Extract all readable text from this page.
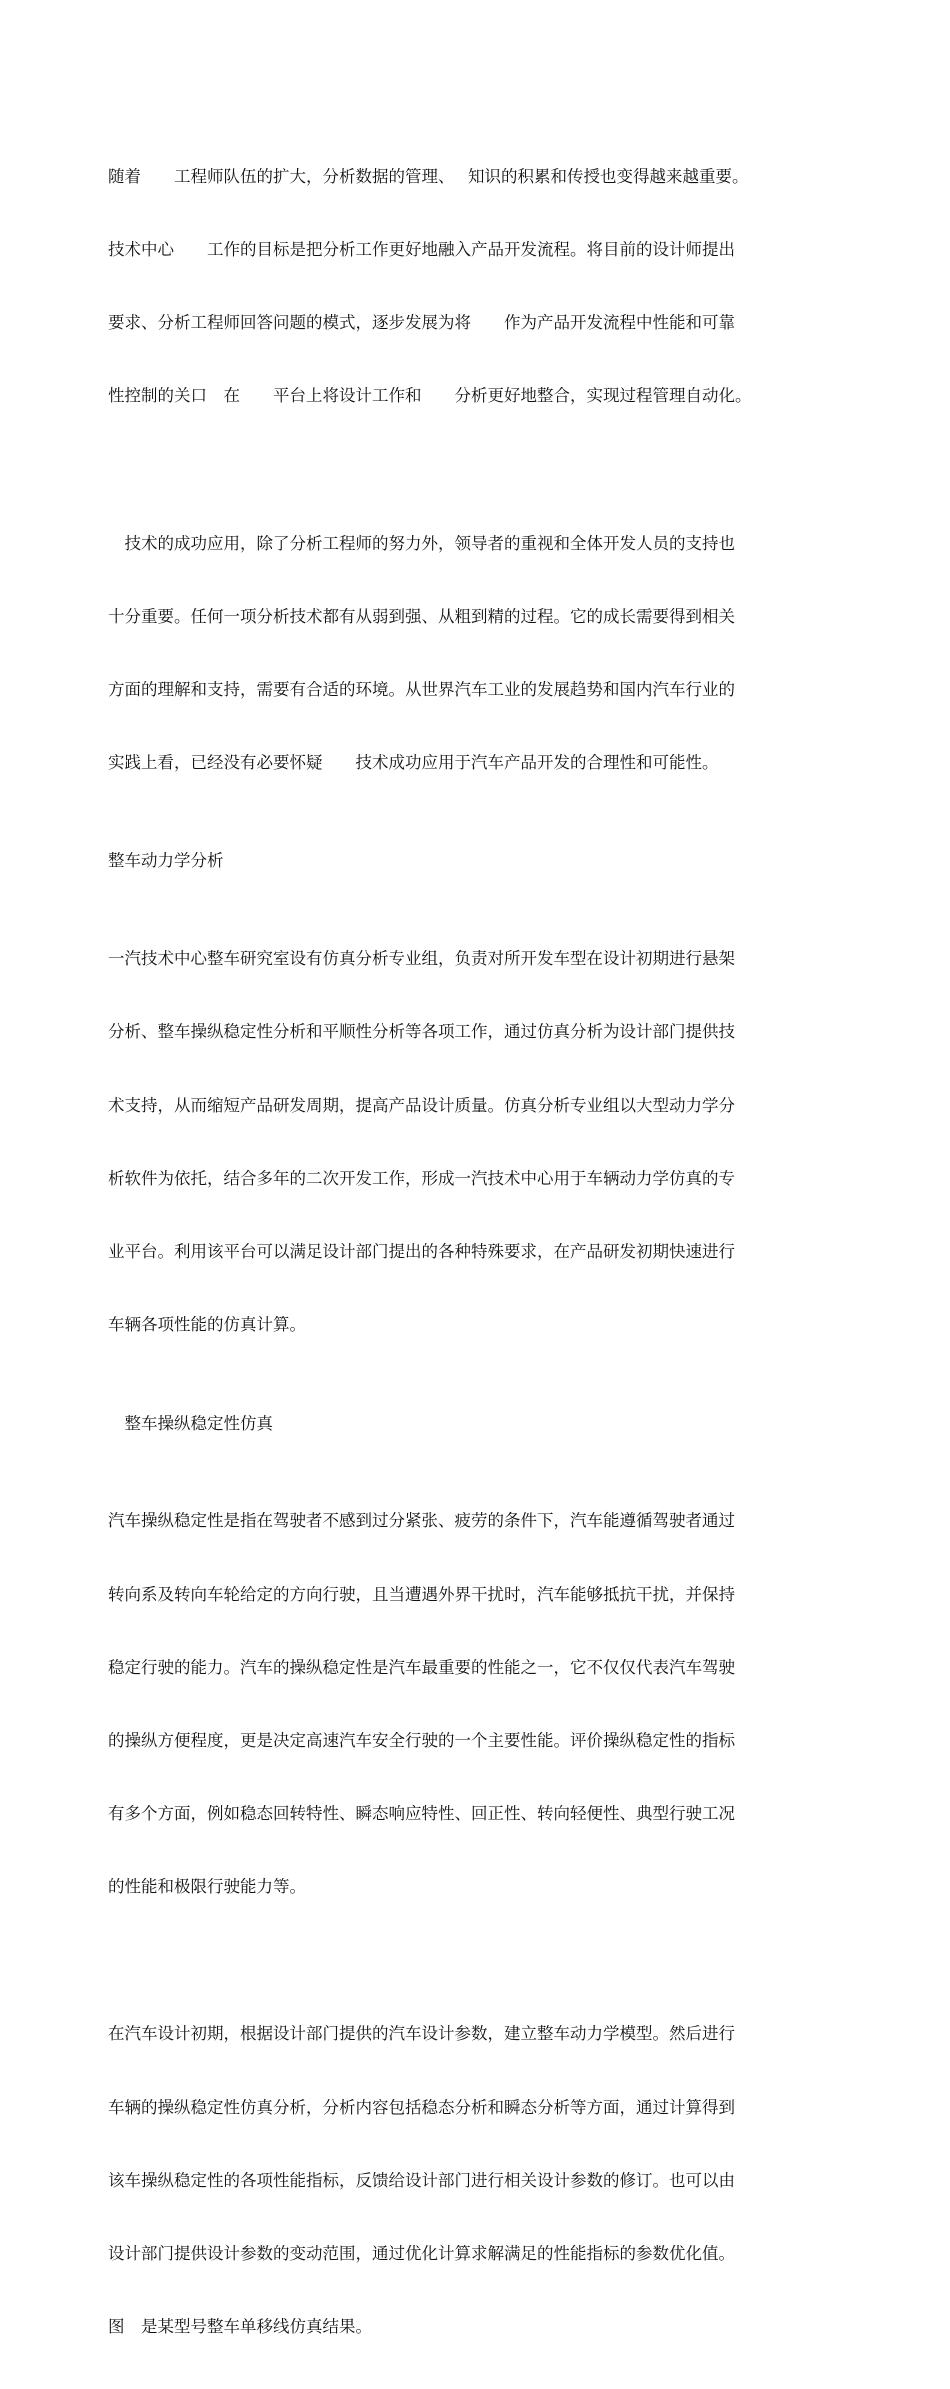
随着　　工程师队伍的扩大，分析数据的管理、　 知识的积累和传授也变得越来越重要。

技术中心　　工作的目标是把分析工作更好地融入产品开发流程。将目前的设计师提出

要求、分析工程师回答问题的模式，逐步发展为将　　作为产品开发流程中性能和可靠

性控制的关口　在　　平台上将设计工作和　　分析更好地整合，实现过程管理自动化。

　技术的成功应用，除了分析工程师的努力外，领导者的重视和全体开发人员的支持也

十分重要。任何一项分析技术都有从弱到强、从粗到精的过程。它的成长需要得到相关

方面的理解和支持，需要有合适的环境。从世界汽车工业的发展趋势和国内汽车行业的

实践上看，已经没有必要怀疑　　技术成功应用于汽车产品开发的合理性和可能性。

整车动力学分析

一汽技术中心整车研究室设有仿真分析专业组，负责对所开发车型在设计初期进行悬架

分析、整车操纵稳定性分析和平顺性分析等各项工作，通过仿真分析为设计部门提供技

术支持，从而缩短产品研发周期，提高产品设计质量。仿真分析专业组以大型动力学分

析软件为依托，结合多年的二次开发工作，形成一汽技术中心用于车辆动力学仿真的专

业平台。利用该平台可以满足设计部门提出的各种特殊要求，在产品研发初期快速进行

车辆各项性能的仿真计算。

　整车操纵稳定性仿真

汽车操纵稳定性是指在驾驶者不感到过分紧张、疲劳的条件下，汽车能遵循驾驶者通过

转向系及转向车轮给定的方向行驶，且当遭遇外界干扰时，汽车能够抵抗干扰，并保持

稳定行驶的能力。汽车的操纵稳定性是汽车最重要的性能之一，它不仅仅代表汽车驾驶

的操纵方便程度，更是决定高速汽车安全行驶的一个主要性能。评价操纵稳定性的指标

有多个方面，例如稳态回转特性、瞬态响应特性、回正性、转向轻便性、典型行驶工况

的性能和极限行驶能力等。

在汽车设计初期，根据设计部门提供的汽车设计参数，建立整车动力学模型。然后进行

车辆的操纵稳定性仿真分析，分析内容包括稳态分析和瞬态分析等方面，通过计算得到

该车操纵稳定性的各项性能指标，反馈给设计部门进行相关设计参数的修订。也可以由

设计部门提供设计参数的变动范围，通过优化计算求解满足的性能指标的参数优化值。

图　是某型号整车单移线仿真结果。
